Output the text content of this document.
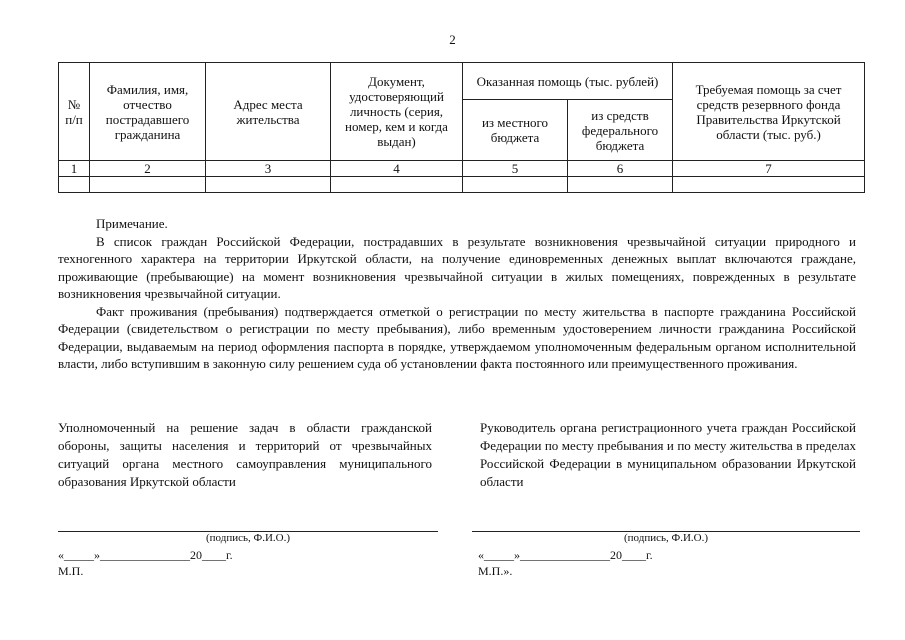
2
№ п/п	Фамилия, имя, отчество пострадавшего гражданина	Адрес места жительства	Документ, удостоверяющий личность (серия, номер, кем и когда выдан)	Оказанная помощь (тыс. рублей)		Требуемая помощь за счет средств резервного фонда Правительства Иркутской области (тыс. руб.)
				из местного бюджета	из средств федерального бюджета	
1	2	3	4	5	6	7

Примечание.

В список граждан Российской Федерации, пострадавших в результате возникновения чрезвычайной ситуации природного и техногенного характера на территории Иркутской области, на получение единовременных денежных выплат включаются граждане, проживающие (пребывающие) на момент возникновения чрезвычайной ситуации в жилых помещениях, поврежденных в результате возникновения чрезвычайной ситуации.

Факт проживания (пребывания) подтверждается отметкой о регистрации по месту жительства в паспорте гражданина Российской Федерации (свидетельством о регистрации по месту пребывания), либо временным удостоверением личности гражданина Российской Федерации, выдаваемым на период оформления паспорта в порядке, утверждаемом уполномоченным федеральным органом исполнительной власти, либо вступившим в законную силу решением суда об установлении факта постоянного или преимущественного проживания.

Уполномоченный на решение задач в области гражданской обороны, защиты населения и территорий от чрезвычайных ситуаций органа местного самоуправления муниципального образования Иркутской области
Руководитель органа регистрационного учета граждан Российской Федерации по месту пребывания и по месту жительства в пределах Российской Федерации в муниципальном образовании Иркутской области
(подпись, Ф.И.О.)	(подпись, Ф.И.О.)
«_____»_______________20____г.	«_____»_______________20____г.
М.П.	М.П.».
